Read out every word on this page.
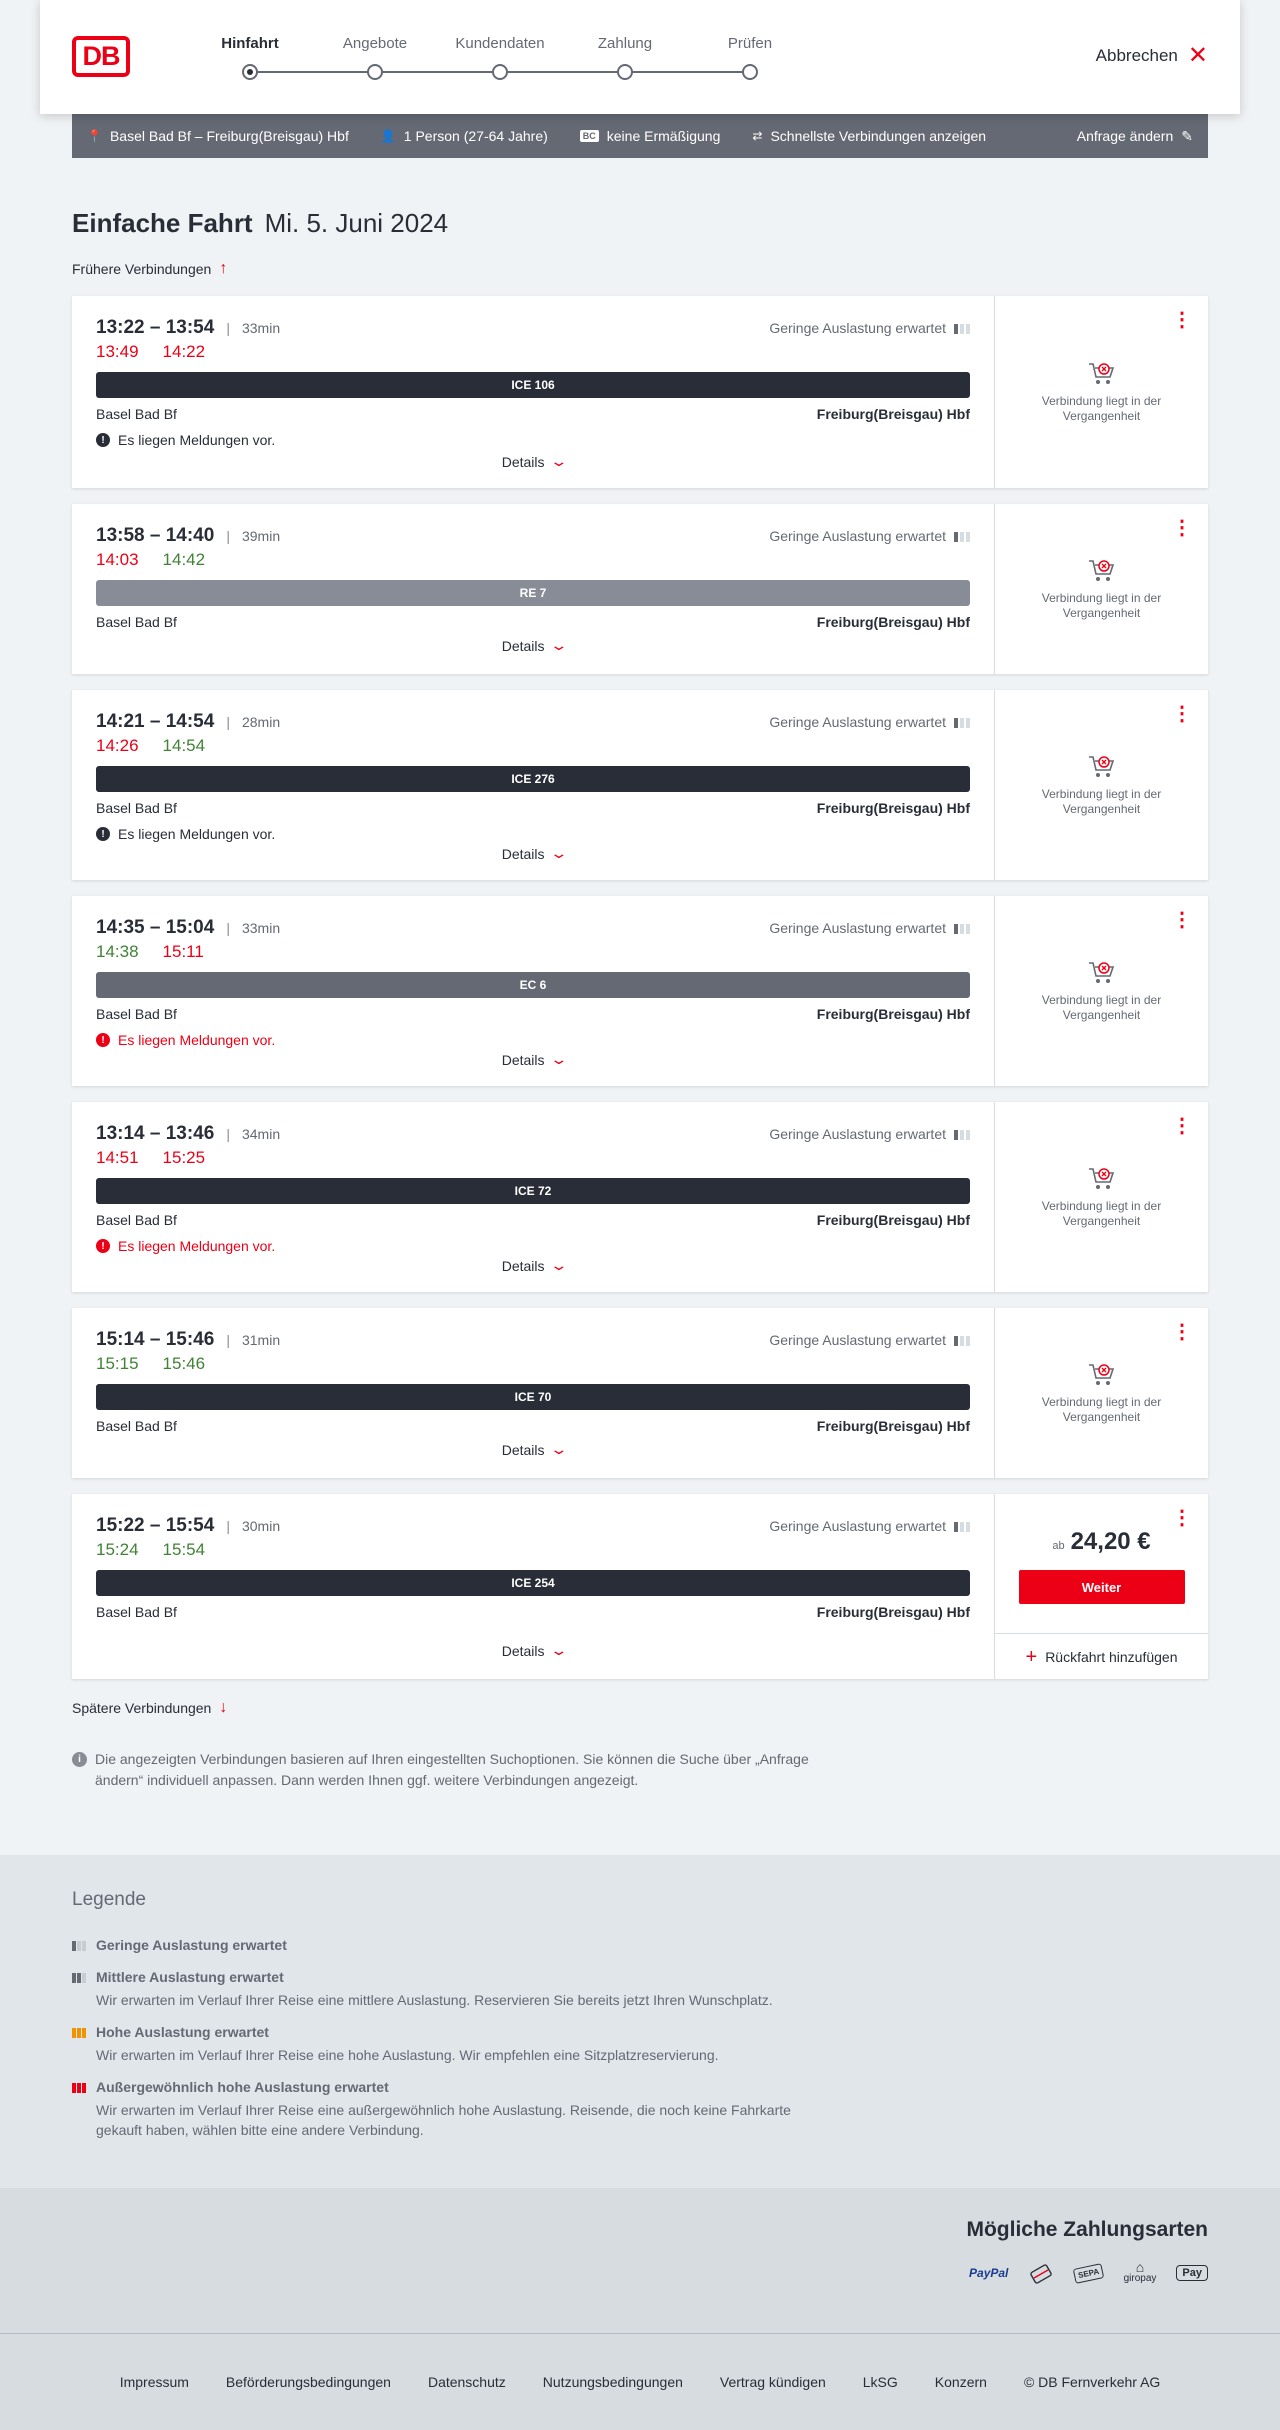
DB	Hinfahrt	Angebote	Kundendaten	Zahlung	Prüfen
Abbrechen ✕
📍 Basel Bad Bf – Freiburg(Breisgau) Hbf	👤 1 Person (27-64 Jahre)	BC keine Ermäßigung	⇄ Schnellste Verbindungen anzeigen	Anfrage ändern ✎
Einfache Fahrt Mi. 5. Juni 2024
Frühere Verbindungen ↑
13:22 – 13:54 | 33min	Geringe Auslastung erwartet
13:49 14:22
ICE 106
Basel Bad Bf	Freiburg(Breisgau) Hbf
! Es liegen Meldungen vor.
Details ⌄
⋮
Verbindung liegt in der Vergangenheit
13:58 – 14:40 | 39min	Geringe Auslastung erwartet
14:03 14:42
RE 7
Basel Bad Bf	Freiburg(Breisgau) Hbf
Details ⌄
⋮
Verbindung liegt in der Vergangenheit
14:21 – 14:54 | 28min	Geringe Auslastung erwartet
14:26 14:54
ICE 276
Basel Bad Bf	Freiburg(Breisgau) Hbf
! Es liegen Meldungen vor.
Details ⌄
⋮
Verbindung liegt in der Vergangenheit
14:35 – 15:04 | 33min	Geringe Auslastung erwartet
14:38 15:11
EC 6
Basel Bad Bf	Freiburg(Breisgau) Hbf
! Es liegen Meldungen vor.
Details ⌄
⋮
Verbindung liegt in der Vergangenheit
13:14 – 13:46 | 34min	Geringe Auslastung erwartet
14:51 15:25
ICE 72
Basel Bad Bf	Freiburg(Breisgau) Hbf
! Es liegen Meldungen vor.
Details ⌄
⋮
Verbindung liegt in der Vergangenheit
15:14 – 15:46 | 31min	Geringe Auslastung erwartet
15:15 15:46
ICE 70
Basel Bad Bf	Freiburg(Breisgau) Hbf
Details ⌄
⋮
Verbindung liegt in der Vergangenheit
15:22 – 15:54 | 30min	Geringe Auslastung erwartet
15:24 15:54
ICE 254
Basel Bad Bf	Freiburg(Breisgau) Hbf
Details ⌄
⋮
ab 24,20 €
Weiter
+ Rückfahrt hinzufügen
Spätere Verbindungen ↓
i	Die angezeigten Verbindungen basieren auf Ihren eingestellten Suchoptionen. Sie können die Suche über „Anfrage ändern“ individuell anpassen. Dann werden Ihnen ggf. weitere Verbindungen angezeigt.
Legende
Geringe Auslastung erwartet
Mittlere Auslastung erwartet
Wir erwarten im Verlauf Ihrer Reise eine mittlere Auslastung. Reservieren Sie bereits jetzt Ihren Wunschplatz.
Hohe Auslastung erwartet
Wir erwarten im Verlauf Ihrer Reise eine hohe Auslastung. Wir empfehlen eine Sitzplatzreservierung.
Außergewöhnlich hohe Auslastung erwartet
Wir erwarten im Verlauf Ihrer Reise eine außergewöhnlich hohe Auslastung. Reisende, die noch keine Fahrkarte gekauft haben, wählen bitte eine andere Verbindung.
Mögliche Zahlungsarten
PayPal	SEPA	⌂
giropay	Pay
Impressum	Beförderungsbedingungen	Datenschutz	Nutzungsbedingungen	Vertrag kündigen	LkSG	Konzern	© DB Fernverkehr AG
